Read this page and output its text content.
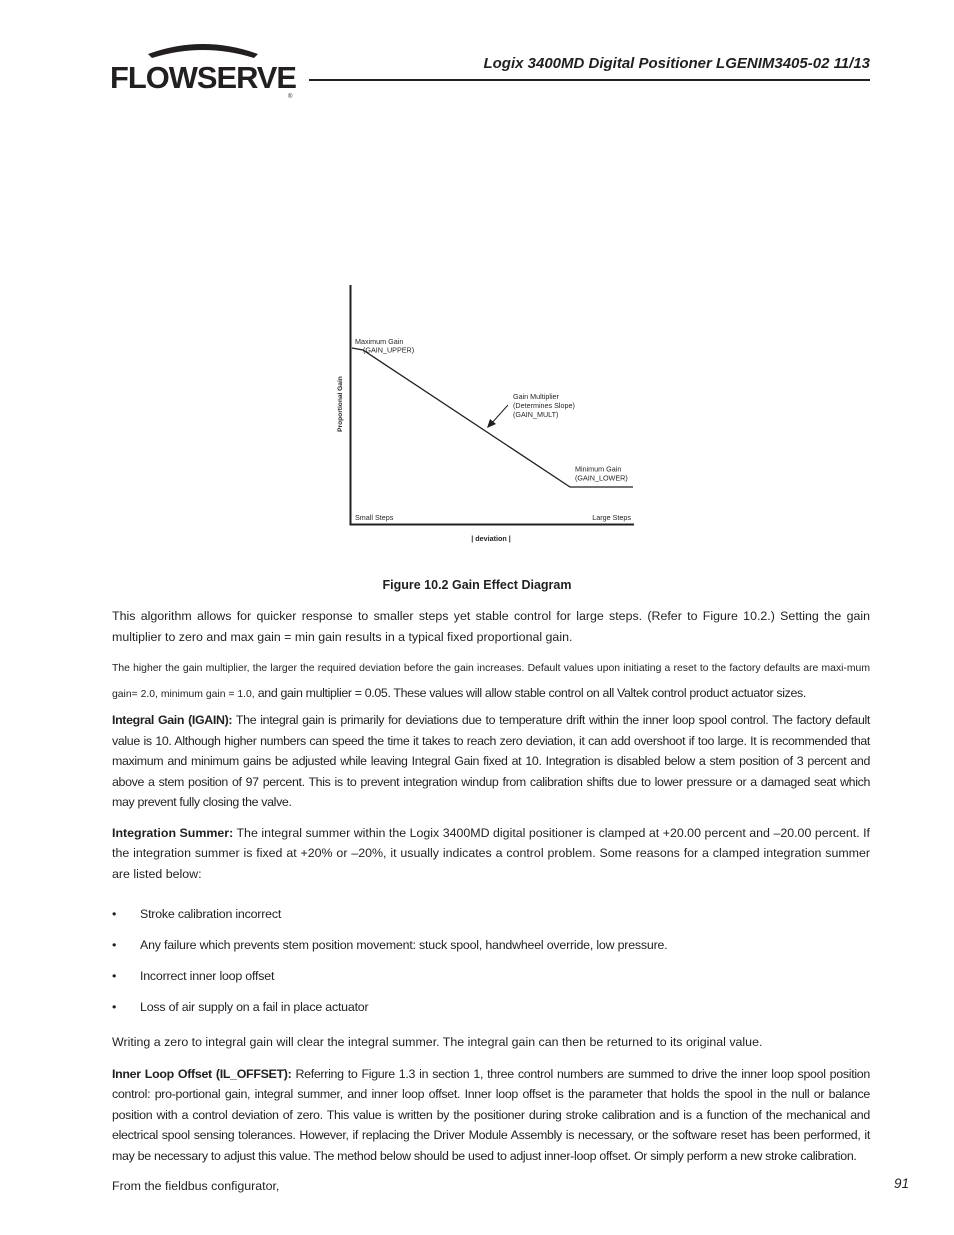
FLOWSERVE
®
Logix 3400MD Digital Positioner LGENIM3405-02 11/13
Maximum Gain
(GAIN_UPPER)
Gain Multiplier
(Determines Slope)
(GAIN_MULT)
Minimum Gain
(GAIN_LOWER)
Small Steps	Large Steps
| deviation |
Proportional Gain
Figure 10.2 Gain Effect Diagram

This algorithm allows for quicker response to smaller steps yet stable control for large steps. (Refer to Figure 10.2.) Setting the gain multiplier to zero and max gain = min gain results in a typical fixed proportional gain.

The higher the gain multiplier, the larger the required deviation before the gain increases. Default values upon initiating a reset to the factory defaults are maxi-mum gain= 2.0, minimum gain = 1.0, and gain multiplier = 0.05. These values will allow stable control on all Valtek control product actuator sizes.

Integral Gain (IGAIN): The integral gain is primarily for deviations due to temperature drift within the inner loop spool control. The factory default value is 10. Although higher numbers can speed the time it takes to reach zero deviation, it can add overshoot if too large. It is recommended that maximum and minimum gains be adjusted while leaving Integral Gain fixed at 10. Integration is disabled below a stem position of 3 percent and above a stem position of 97 percent. This is to prevent integration windup from calibration shifts due to lower pressure or a damaged seat which may prevent fully closing the valve.

Integration Summer: The integral summer within the Logix 3400MD digital positioner is clamped at +20.00 percent and –20.00 percent. If the integration summer is fixed at +20% or –20%, it usually indicates a control problem. Some reasons for a clamped integration summer are listed below:

• Stroke calibration incorrect
• Any failure which prevents stem position movement: stuck spool, handwheel override, low pressure.
• Incorrect inner loop offset
• Loss of air supply on a fail in place actuator

Writing a zero to integral gain will clear the integral summer. The integral gain can then be returned to its original value.

Inner Loop Offset (IL_OFFSET): Referring to Figure 1.3 in section 1, three control numbers are summed to drive the inner loop spool position control: pro-portional gain, integral summer, and inner loop offset. Inner loop offset is the parameter that holds the spool in the null or balance position with a control deviation of zero. This value is written by the positioner during stroke calibration and is a function of the mechanical and electrical spool sensing tolerances. However, if replacing the Driver Module Assembly is necessary, or the software reset has been performed, it may be necessary to adjust this value. The method below should be used to adjust inner-loop offset. Or simply perform a new stroke calibration.

From the fieldbus configurator,	91
